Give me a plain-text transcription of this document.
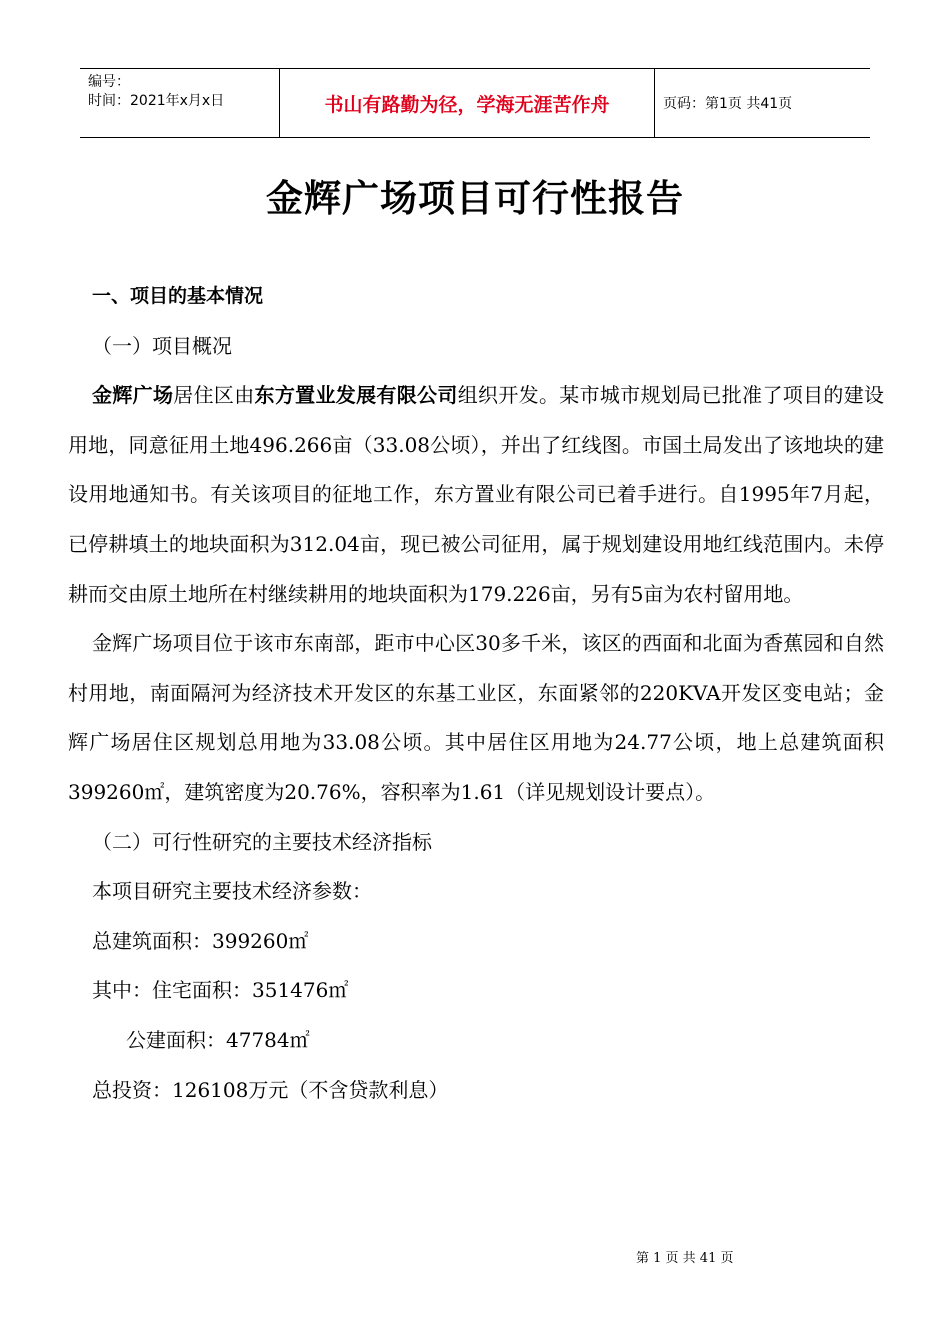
编号：
时间：2021年x月x日	书山有路勤为径，学海无涯苦作舟	页码：第1页 共41页
金辉广场项目可行性报告

一、项目的基本情况

（一）项目概况

金辉广场居住区由东方置业发展有限公司组织开发。某市城市规划局已批准了项目的建设用地，同意征用土地496.266亩（33.08公顷），并出了红线图。市国土局发出了该地块的建设用地通知书。有关该项目的征地工作，东方置业有限公司已着手进行。自1995年7月起，已停耕填土的地块面积为312.04亩，现已被公司征用，属于规划建设用地红线范围内。未停耕而交由原土地所在村继续耕用的地块面积为179.226亩，另有5亩为农村留用地。

金辉广场项目位于该市东南部，距市中心区30多千米，该区的西面和北面为香蕉园和自然村用地，南面隔河为经济技术开发区的东基工业区，东面紧邻的220KVA开发区变电站；金辉广场居住区规划总用地为33.08公顷。其中居住区用地为24.77公顷，地上总建筑面积399260㎡，建筑密度为20.76%，容积率为1.61（详见规划设计要点）。

（二）可行性研究的主要技术经济指标

本项目研究主要技术经济参数：

总建筑面积：399260㎡

其中：住宅面积：351476㎡

公建面积：47784㎡

总投资：126108万元（不含贷款利息）

第 1 页 共 41 页
